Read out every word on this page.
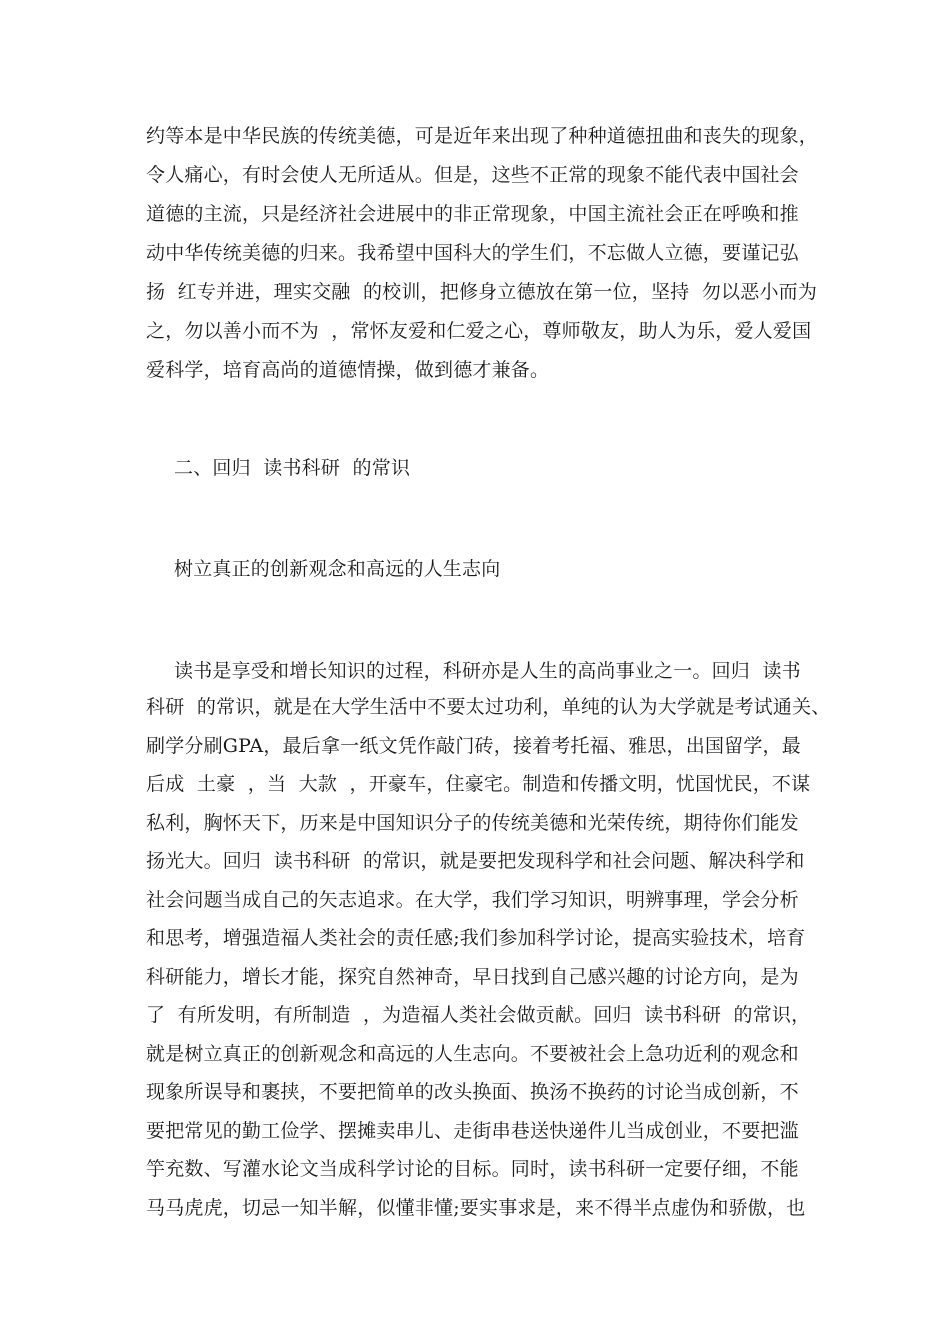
约等本是中华民族的传统美德，可是近年来出现了种种道德扭曲和丧失的现象，
令人痛心，有时会使人无所适从。但是，这些不正常的现象不能代表中国社会
道德的主流，只是经济社会进展中的非正常现象，中国主流社会正在呼唤和推
动中华传统美德的归来。我希望中国科大的学生们，不忘做人立德，要谨记弘
扬  红专并进，理实交融  的校训，把修身立德放在第一位，坚持  勿以恶小而为
之，勿以善小而不为  ，常怀友爱和仁爱之心，尊师敬友，助人为乐，爱人爱国
爱科学，培育高尚的道德情操，做到德才兼备。
二、回归  读书科研  的常识
树立真正的创新观念和高远的人生志向
读书是享受和增长知识的过程，科研亦是人生的高尚事业之一。回归  读书
科研  的常识，就是在大学生活中不要太过功利，单纯的认为大学就是考试通关、
刷学分刷GPA，最后拿一纸文凭作敲门砖，接着考托福、雅思，出国留学，最
后成  土豪  ，当  大款  ，开豪车，住豪宅。制造和传播文明，忧国忧民，不谋
私利，胸怀天下，历来是中国知识分子的传统美德和光荣传统，期待你们能发
扬光大。回归  读书科研  的常识，就是要把发现科学和社会问题、解决科学和
社会问题当成自己的矢志追求。在大学，我们学习知识，明辨事理，学会分析
和思考，增强造福人类社会的责任感;我们参加科学讨论，提高实验技术，培育
科研能力，增长才能，探究自然神奇，早日找到自己感兴趣的讨论方向，是为
了  有所发明，有所制造  ，为造福人类社会做贡献。回归  读书科研  的常识，
就是树立真正的创新观念和高远的人生志向。不要被社会上急功近利的观念和
现象所误导和裹挟，不要把简单的改头换面、换汤不换药的讨论当成创新，不
要把常见的勤工俭学、摆摊卖串儿、走街串巷送快递件儿当成创业，不要把滥
竽充数、写灌水论文当成科学讨论的目标。同时，读书科研一定要仔细，不能
马马虎虎，切忌一知半解，似懂非懂;要实事求是，来不得半点虚伪和骄傲，也
